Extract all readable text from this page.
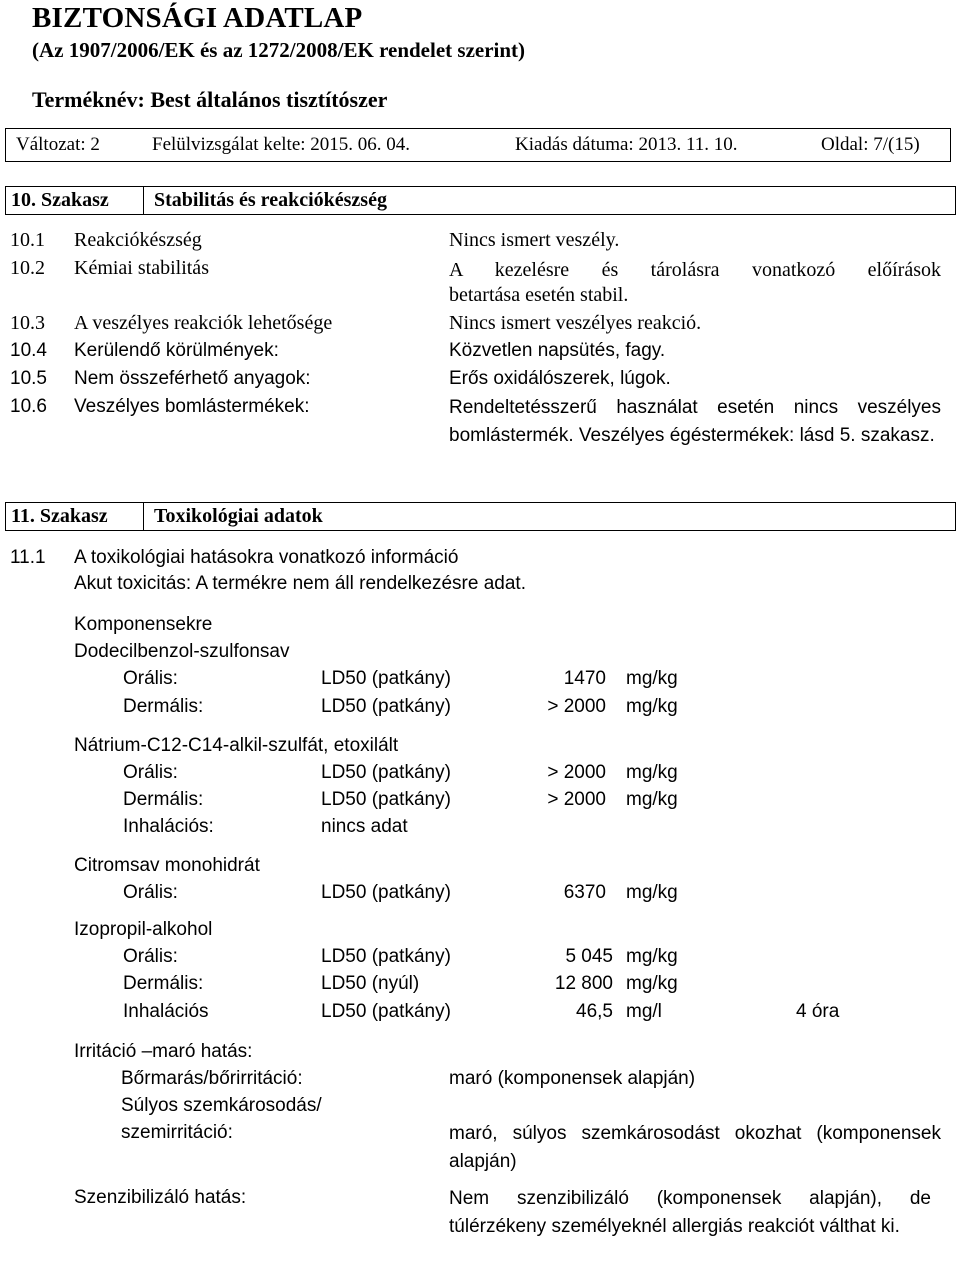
BIZTONSÁGI ADATLAP
(Az 1907/2006/EK és az 1272/2008/EK rendelet szerint)
Terméknév: Best általános tisztítószer
Változat: 2	Felülvizsgálat kelte: 2015. 06. 04.	Kiadás dátuma: 2013. 11. 10.	Oldal: 7/(15)
10. Szakasz Stabilitás és reakciókészség
10.1 Reakciókészség	Nincs ismert veszély.
10.2 Kémiai stabilitás	A kezelésre és tárolásra vonatkozó előírások
betartása esetén stabil.
10.3 A veszélyes reakciók lehetősége	Nincs ismert veszélyes reakció.
10.4 Kerülendő körülmények:	Közvetlen napsütés, fagy.
10.5 Nem összeférhető anyagok:	Erős oxidálószerek, lúgok.
10.6 Veszélyes bomlástermékek:	Rendeltetésszerű használat esetén nincs veszélyes bomlástermék. Veszélyes égéstermékek: lásd 5. szakasz.
11. Szakasz Toxikológiai adatok
11.1 A toxikológiai hatásokra vonatkozó információ
Akut toxicitás: A termékre nem áll rendelkezésre adat.
Komponensekre
Dodecilbenzol-szulfonsav
Orális:	LD50 (patkány)	1470 mg/kg
Dermális:	LD50 (patkány)	> 2000 mg/kg
Nátrium-C12-C14-alkil-szulfát, etoxilált
Orális:	LD50 (patkány)	> 2000 mg/kg
Dermális:	LD50 (patkány)	> 2000 mg/kg
Inhalációs:	nincs adat
Citromsav monohidrát
Orális:	LD50 (patkány)	6370 mg/kg
Izopropil-alkohol
Orális:	LD50 (patkány)	5 045 mg/kg
Dermális:	LD50 (nyúl)	12 800 mg/kg
Inhalációs	LD50 (patkány)	46,5 mg/l	4 óra
Irritáció –maró hatás:
Bőrmarás/bőrirritáció:	maró (komponensek alapján)
Súlyos szemkárosodás/
szemirritáció:	maró, súlyos szemkárosodást okozhat (komponensek alapján)
Szenzibilizáló hatás:	Nem szenzibilizáló (komponensek alapján), de túlérzékeny személyeknél allergiás reakciót válthat ki.
